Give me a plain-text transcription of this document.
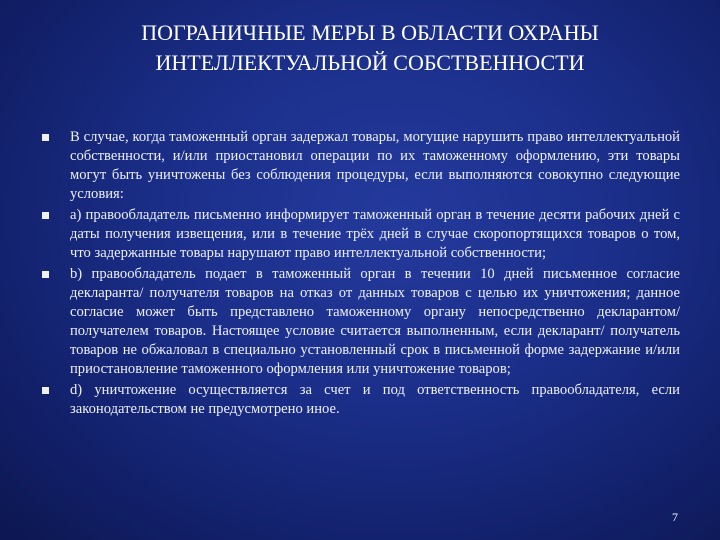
ПОГРАНИЧНЫЕ МЕРЫ В ОБЛАСТИ ОХРАНЫ ИНТЕЛЛЕКТУАЛЬНОЙ СОБСТВЕННОСТИ
В случае, когда таможенный орган задержал товары, могущие нарушить право интеллектуальной собственности, и/или приостановил операции по их таможенному оформлению, эти товары могут быть уничтожены без соблюдения процедуры, если выполняются совокупно следующие условия:
a) правообладатель письменно информирует таможенный орган в течение десяти рабочих дней с даты получения извещения, или в течение трёх дней в случае скоропортящихся товаров о том, что задержанные товары нарушают право интеллектуальной собственности;
b) правообладатель подает в таможенный орган в течении 10 дней письменное согласие декларанта/ получателя товаров на отказ от данных товаров с целью их уничтожения; данное согласие может быть представлено таможенному органу непосредственно декларантом/ получателем товаров. Настоящее условие считается выполненным, если декларант/ получатель товаров не обжаловал в специально установленный срок в письменной форме задержание и/или приостановление таможенного оформления или уничтожение товаров;
d) уничтожение осуществляется за счет и под ответственность правообладателя, если законодательством не предусмотрено иное.
7
